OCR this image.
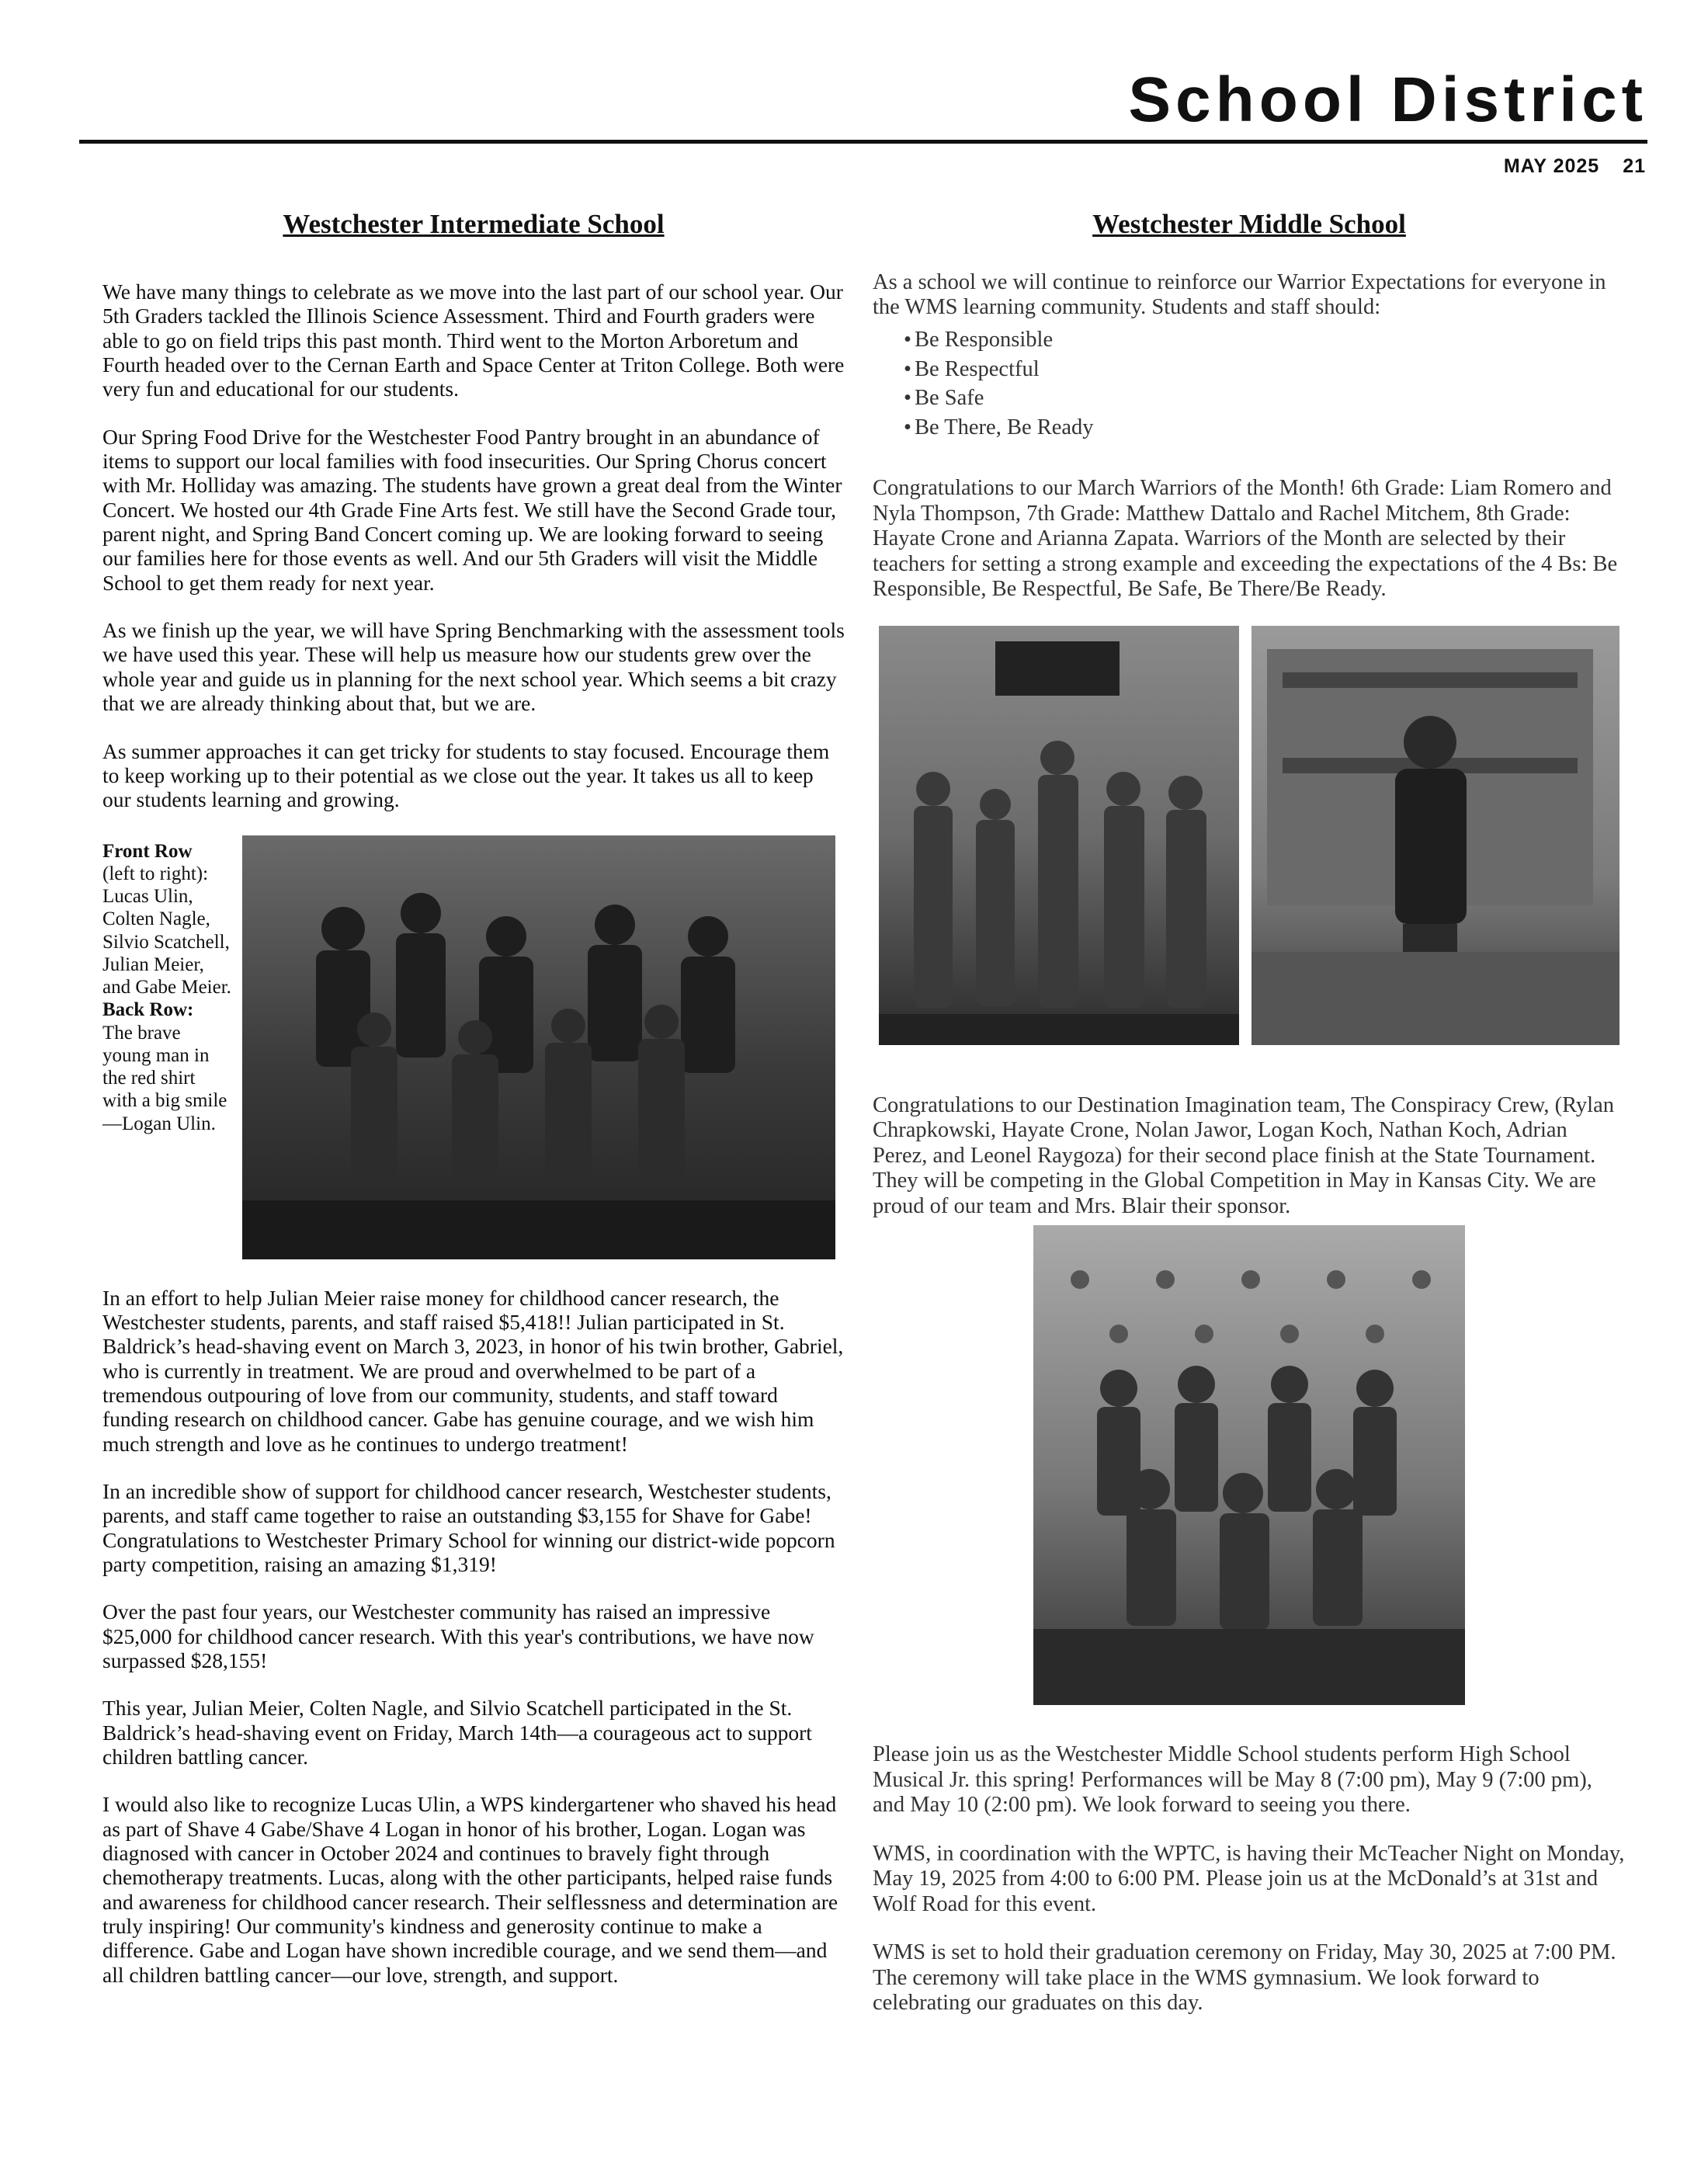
School District
MAY 2025 21
Westchester Intermediate School

We have many things to celebrate as we move into the last part of our school year. Our 5th Graders tackled the Illinois Science Assessment. Third and Fourth graders were able to go on field trips this past month. Third went to the Morton Arboretum and Fourth headed over to the Cernan Earth and Space Center at Triton College. Both were very fun and educational for our students.

Our Spring Food Drive for the Westchester Food Pantry brought in an abundance of items to support our local families with food insecurities. Our Spring Chorus concert with Mr. Holliday was amazing. The students have grown a great deal from the Winter Concert. We hosted our 4th Grade Fine Arts fest. We still have the Second Grade tour, parent night, and Spring Band Concert coming up. We are looking forward to seeing our families here for those events as well. And our 5th Graders will visit the Middle School to get them ready for next year.

As we finish up the year, we will have Spring Benchmarking with the assessment tools we have used this year. These will help us measure how our students grew over the whole year and guide us in planning for the next school year. Which seems a bit crazy that we are already thinking about that, but we are.

As summer approaches it can get tricky for students to stay focused. Encourage them to keep working up to their potential as we close out the year. It takes us all to keep our students learning and growing.

Front Row
(left to right): Lucas Ulin, Colten Nagle, Silvio Scatchell, Julian Meier, and Gabe Meier.
Back Row:
The brave young man in the red shirt with a big smile—Logan Ulin.

In an effort to help Julian Meier raise money for childhood cancer research, the Westchester students, parents, and staff raised $5,418!! Julian participated in St. Baldrick’s head-shaving event on March 3, 2023, in honor of his twin brother, Gabriel, who is currently in treatment. We are proud and overwhelmed to be part of a tremendous outpouring of love from our community, students, and staff toward funding research on childhood cancer. Gabe has genuine courage, and we wish him much strength and love as he continues to undergo treatment!

In an incredible show of support for childhood cancer research, Westchester students, parents, and staff came together to raise an outstanding $3,155 for Shave for Gabe! Congratulations to Westchester Primary School for winning our district-wide popcorn party competition, raising an amazing $1,319!

Over the past four years, our Westchester community has raised an impressive $25,000 for childhood cancer research. With this year's contributions, we have now surpassed $28,155!

This year, Julian Meier, Colten Nagle, and Silvio Scatchell participated in the St. Baldrick’s head-shaving event on Friday, March 14th—a courageous act to support children battling cancer.

I would also like to recognize Lucas Ulin, a WPS kindergartener who shaved his head as part of Shave 4 Gabe/Shave 4 Logan in honor of his brother, Logan. Logan was diagnosed with cancer in October 2024 and continues to bravely fight through chemotherapy treatments. Lucas, along with the other participants, helped raise funds and awareness for childhood cancer research. Their selflessness and determination are truly inspiring! Our community's kindness and generosity continue to make a difference. Gabe and Logan have shown incredible courage, and we send them—and all children battling cancer—our love, strength, and support.

Westchester Middle School

As a school we will continue to reinforce our Warrior Expectations for everyone in the WMS learning community. Students and staff should:

• Be Responsible
• Be Respectful
• Be Safe
• Be There, Be Ready

Congratulations to our March Warriors of the Month! 6th Grade: Liam Romero and Nyla Thompson, 7th Grade: Matthew Dattalo and Rachel Mitchem, 8th Grade: Hayate Crone and Arianna Zapata. Warriors of the Month are selected by their teachers for setting a strong example and exceeding the expectations of the 4 Bs: Be Responsible, Be Respectful, Be Safe, Be There/Be Ready.

Congratulations to our Destination Imagination team, The Conspiracy Crew, (Rylan Chrapkowski, Hayate Crone, Nolan Jawor, Logan Koch, Nathan Koch, Adrian Perez, and Leonel Raygoza) for their second place finish at the State Tournament. They will be competing in the Global Competition in May in Kansas City. We are proud of our team and Mrs. Blair their sponsor.

Please join us as the Westchester Middle School students perform High School Musical Jr. this spring! Performances will be May 8 (7:00 pm), May 9 (7:00 pm), and May 10 (2:00 pm). We look forward to seeing you there.

WMS, in coordination with the WPTC, is having their McTeacher Night on Monday, May 19, 2025 from 4:00 to 6:00 PM. Please join us at the McDonald’s at 31st and Wolf Road for this event.

WMS is set to hold their graduation ceremony on Friday, May 30, 2025 at 7:00 PM. The ceremony will take place in the WMS gymnasium. We look forward to celebrating our graduates on this day.
